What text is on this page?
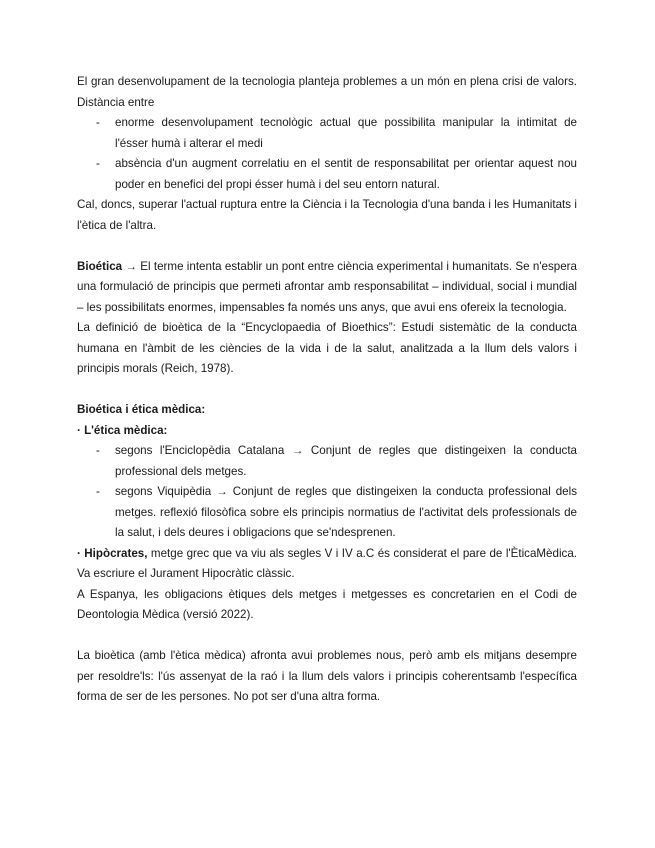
El gran desenvolupament de la tecnologia planteja problemes a un món en plena crisi de valors. Distància entre

- enorme desenvolupament tecnològic actual que possibilita manipular la intimitat de l'ésser humà i alterar el medi
- absència d'un augment correlatiu en el sentit de responsabilitat per orientar aquest nou poder en benefici del propi ésser humà i del seu entorn natural.

Cal, doncs, superar l'actual ruptura entre la Ciència i la Tecnologia d'una banda i les Humanitats i l'ètica de l'altra.

Bioética → El terme intenta establir un pont entre ciència experimental i humanitats. Se n'espera una formulació de principis que permeti afrontar amb responsabilitat – individual, social i mundial – les possibilitats enormes, impensables fa només uns anys, que avui ens ofereix la tecnologia.

La definició de bioètica de la “Encyclopaedia of Bioethics”: Estudi sistemàtic de la conducta humana en l'àmbit de les ciències de la vida i de la salut, analitzada a la llum dels valors i principis morals (Reich, 1978).

Bioética i ética mèdica:

· L'ética mèdica:

- segons l'Enciclopèdia Catalana → Conjunt de regles que distingeixen la conducta professional dels metges.
- segons Viquipèdia → Conjunt de regles que distingeixen la conducta professional dels metges. reflexió filosòfica sobre els principis normatius de l'activitat dels professionals de la salut, i dels deures i obligacions que se'ndesprenen.

· Hipòcrates, metge grec que va viu als segles V i IV a.C és considerat el pare de l'ÈticaMèdica. Va escriure el Jurament Hipocràtic clàssic.

A Espanya, les obligacions ètiques dels metges i metgesses es concretarien en el Codi de Deontologia Mèdica (versió 2022).

La bioètica (amb l'ètica mèdica) afronta avui problemes nous, però amb els mitjans desempre per resoldre'ls: l'ús assenyat de la raó i la llum dels valors i principis coherentsamb l'específica forma de ser de les persones. No pot ser d'una altra forma.
